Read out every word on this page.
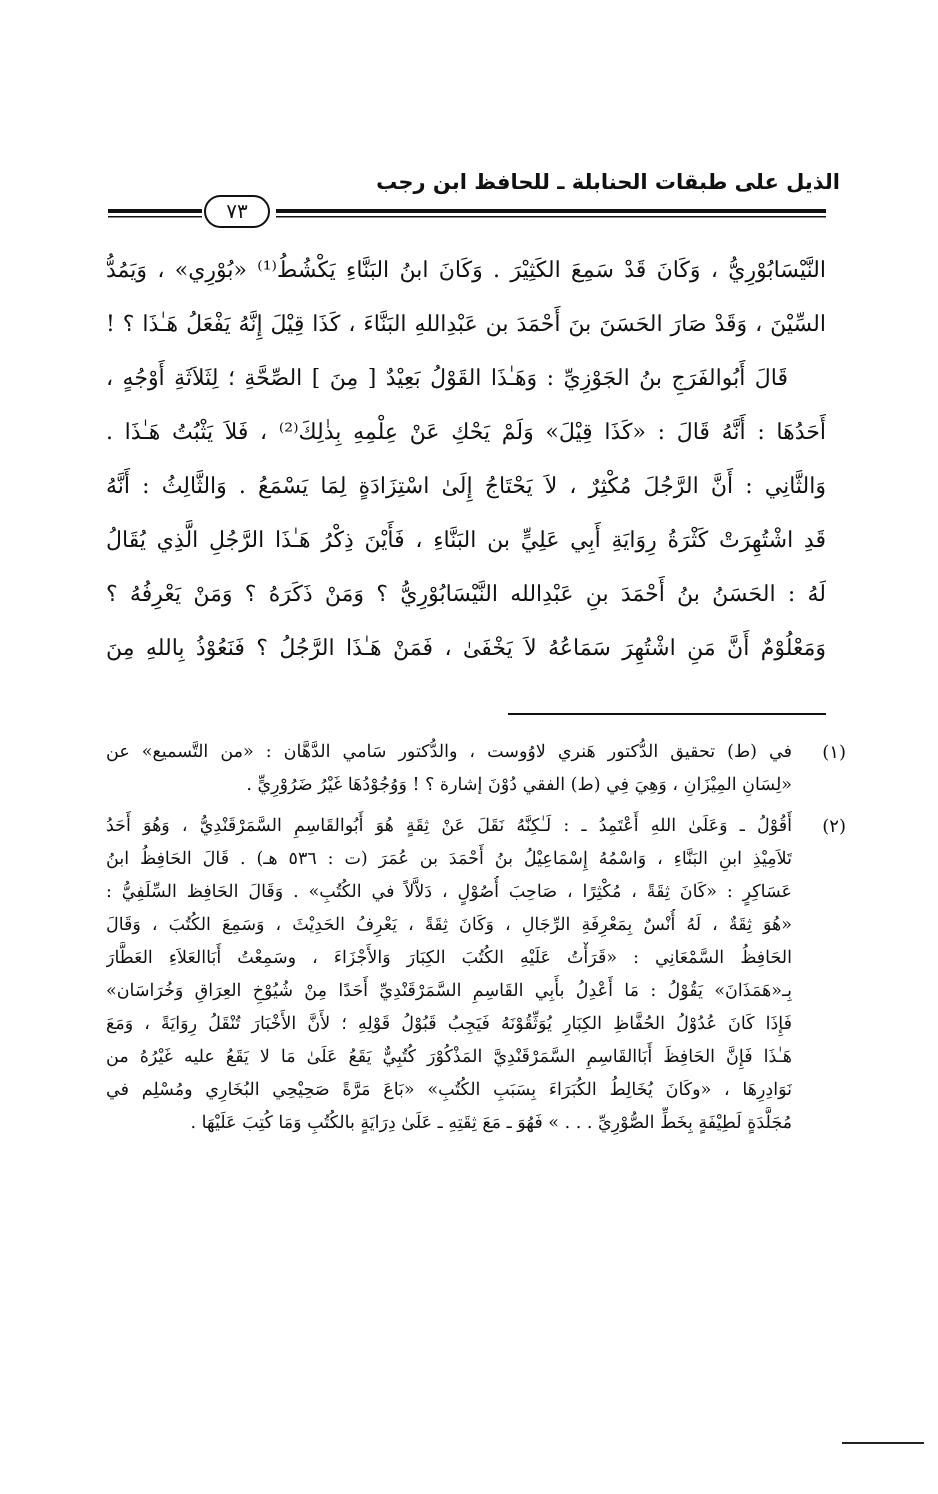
الذيل على طبقات الحنابلة ـ للحافظ ابن رجب
٧٣
النَّيْسَابُوْرِيُّ ، وَكَانَ قَدْ سَمِعَ الكَثِيْرَ . وَكَانَ ابنُ البَنَّاءِ يَكْشُطُ⁽¹⁾ «بُوْرِي» ، وَيَمُدُّ
السِّيْنَ ، وَقَدْ صَارَ الحَسَنَ بنَ أَحْمَدَ بن عَبْدِاللهِ البَنَّاءَ ، كَذَا قِيْلَ إِنَّهُ يَفْعَلُ هَـٰذَا ؟ !
قَالَ أَبُوالفَرَجِ بنُ الجَوْزِيِّ : وَهَـٰذَا القَوْلُ بَعِيْدٌ [ مِنَ ] الصِّحَّةِ ؛ لِثَلاَثَةِ أَوْجُهٍ ،
أَحَدُهَا : أَنَّهُ قَالَ : «كَذَا قِيْلَ» وَلَمْ يَحْكِ عَنْ عِلْمِهِ بِذٰلِكَ⁽²⁾ ، فَلاَ يَثْبُتُ هَـٰذَا .
وَالثَّانِي : أَنَّ الرَّجُلَ مُكْثِرٌ ، لاَ يَحْتَاجُ إِلَىٰ اسْتِزَادَةٍ لِمَا يَسْمَعُ . وَالثَّالِثُ : أَنَّهُ
قَدِ اشْتُهِرَتْ كَثْرَةُ رِوَايَةِ أَبِي عَلِيٍّ بن البَنَّاءِ ، فَأَيْنَ ذِكْرُ هَـٰذَا الرَّجُلِ الَّذِي يُقَالُ
لَهُ : الحَسَنُ بنُ أَحْمَدَ بنِ عَبْدِالله النَّيْسَابُوْرِيُّ ؟ وَمَنْ ذَكَرَهُ ؟ وَمَنْ يَعْرِفُهُ ؟
وَمَعْلُوْمٌ أَنَّ مَنِ اشْتُهِرَ سَمَاعُهُ لاَ يَخْفَىٰ ، فَمَنْ هَـٰذَا الرَّجُلُ ؟ فَنَعُوْذُ بِاللهِ مِنَ
(١)
في (ط) تحقيق الدُّكتور هَنري لاوُوست ، والدُّكتور سَامي الدَّهَّان : «من التَّسميع» عن
«لِسَانِ المِيْزَانِ ، وَهِيَ فِي (ط) الفقي دُوْنَ إشارة ؟ ! وَوُجُوْدُهَا غَيْرُ ضَرُوْرِيٍّ .
(٢)
أَقُوْلُ ـ وَعَلَىٰ اللهِ أَعْتَمِدُ ـ : لَـٰكِنَّهُ نَقَلَ عَنْ ثِقَةٍ هُوَ أَبُوالقَاسِمِ السَّمَرْقَنْدِيُّ ، وَهُوَ أَحَدُ
تَلاَمِيْذِ ابنِ البَنَّاءِ ، وَاسْمُهُ إِسْمَاعِيْلُ بنُ أَحْمَدَ بن عُمَرَ (ت : ٥٣٦ هـ) . قَالَ الحَافِظُ ابنُ
عَسَاكِرٍ : «كَانَ ثِقَةً ، مُكْثِرًا ، صَاحِبَ أُصُوْلٍ ، دَلاَّلاً في الكُتُبِ» . وَقَالَ الحَافِظ السِّلَفِيُّ :
«هُوَ ثِقَةٌ ، لَهُ أُنْسٌ بِمَعْرِفَةِ الرِّجَالِ ، وَكَانَ ثِقَةً ، يَعْرِفُ الحَدِيْثَ ، وَسَمِعَ الكُتُبَ ، وَقَالَ
الحَافِظُ السَّمْعَانِي : «قَرَأْتُ عَلَيْهِ الكُتُبَ الكِبَارَ وَالأَجْزَاءَ ، وسَمِعْتُ أَبَاالعَلاَءِ العَطَّارَ
بِـ«هَمَذَانَ» يَقُوْلُ : مَا أَعْدِلُ بأَبِي القَاسِمِ السَّمَرْقَنْدِيِّ أَحَدًا مِنْ شُيُوْخِ العِرَاقِ وَخُرَاسَان»
فَإِذَا كَانَ عُدُوْلُ الحُفَّاظِ الكِبَارِ يُوَثِّقُوْنَهُ فَيَجِبُ قَبُوْلُ قَوْلِهِ ؛ لأَنَّ الأَخْبَارَ تُنْقَلُ رِوَايَةً ، وَمَعَ
هَـٰذَا فَإِنَّ الحَافِظَ أَبَاالقَاسِمِ السَّمَرْقَنْدِيَّ المَذْكُوْرَ كُتُبِيٌّ يَقَعُ عَلَىٰ مَا لا يَقَعُ عليه غَيْرُهُ من
نَوَادِرِهَا ، «وكَانَ يُخَالِطُ الكُبَرَاءَ بِسَبَبِ الكُتُبِ» «بَاعَ مَرَّةً صَحِيْحِي البُخَارِي ومُسْلِم في
مُجَلَّدَةٍ لَطِيْفَةٍ بِخَطِّ الصُّوْرِيِّ . . . » فَهُوَ ـ مَعَ ثِقَتِهِ ـ عَلَىٰ دِرَايَةٍ بالكُتُبِ وَمَا كُتِبَ عَلَيْهَا .
